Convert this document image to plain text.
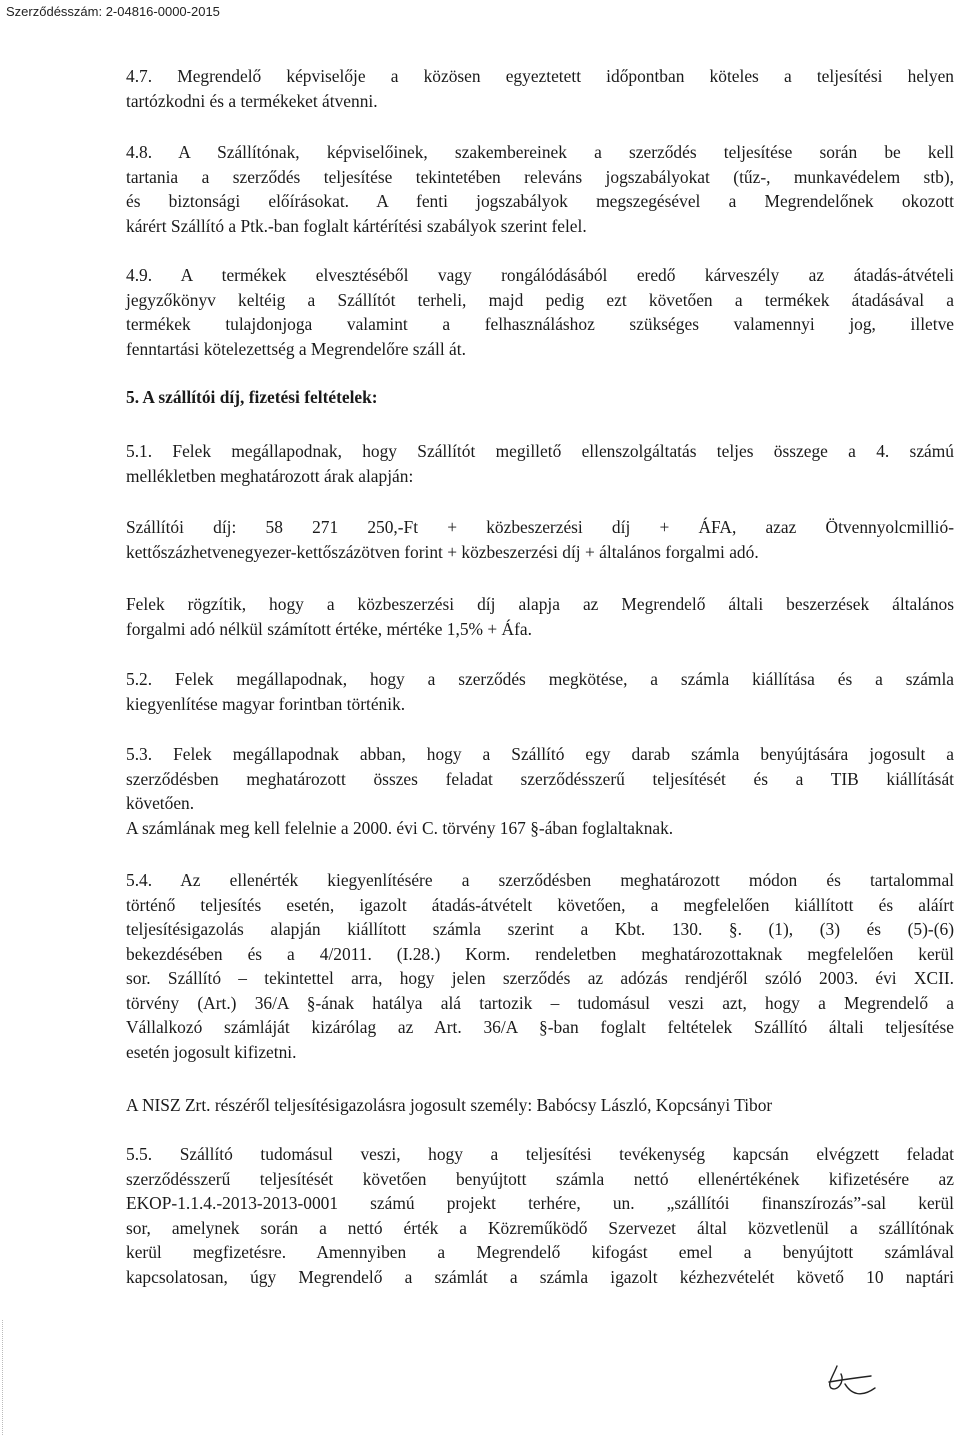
Szerződésszám: 2-04816-0000-2015
4.7. Megrendelő képviselője a közösen egyeztetett időpontban köteles a teljesítési helyen
tartózkodni és a termékeket átvenni.
4.8. A Szállítónak, képviselőinek, szakembereinek a szerződés teljesítése során be kell
tartania a szerződés teljesítése tekintetében releváns jogszabályokat (tűz-, munkavédelem stb),
és biztonsági előírásokat. A fenti jogszabályok megszegésével a Megrendelőnek okozott
kárért Szállító a Ptk.-ban foglalt kártérítési szabályok szerint felel.
4.9. A termékek elvesztéséből vagy rongálódásából eredő kárveszély az átadás-átvételi
jegyzőkönyv keltéig a Szállítót terheli, majd pedig ezt követően a termékek átadásával a
termékek tulajdonjoga valamint a felhasználáshoz szükséges valamennyi jog, illetve
fenntartási kötelezettség a Megrendelőre száll át.
5. A szállítói díj, fizetési feltételek:
5.1. Felek megállapodnak, hogy Szállítót megillető ellenszolgáltatás teljes összege a 4. számú
mellékletben meghatározott árak alapján:
Szállítói díj: 58 271 250,-Ft + közbeszerzési díj + ÁFA, azaz Ötvennyolcmillió-
kettőszázhetvenegyezer-kettőszázötven forint + közbeszerzési díj + általános forgalmi adó.
Felek rögzítik, hogy a közbeszerzési díj alapja az Megrendelő általi beszerzések általános
forgalmi adó nélkül számított értéke, mértéke 1,5% + Áfa.
5.2. Felek megállapodnak, hogy a szerződés megkötése, a számla kiállítása és a számla
kiegyenlítése magyar forintban történik.
5.3. Felek megállapodnak abban, hogy a Szállító egy darab számla benyújtására jogosult a
szerződésben meghatározott összes feladat szerződésszerű teljesítését és a TIB kiállítását
követően.
A számlának meg kell felelnie a 2000. évi C. törvény 167 §-ában foglaltaknak.
5.4. Az ellenérték kiegyenlítésére a szerződésben meghatározott módon és tartalommal
történő teljesítés esetén, igazolt átadás-átvételt követően, a megfelelően kiállított és aláírt
teljesítésigazolás alapján kiállított számla szerint a Kbt. 130. §. (1), (3) és (5)-(6)
bekezdésében és a 4/2011. (I.28.) Korm. rendeletben meghatározottaknak megfelelően kerül
sor. Szállító – tekintettel arra, hogy jelen szerződés az adózás rendjéről szóló 2003. évi XCII.
törvény (Art.) 36/A §-ának hatálya alá tartozik – tudomásul veszi azt, hogy a Megrendelő a
Vállalkozó számláját kizárólag az Art. 36/A §-ban foglalt feltételek Szállító általi teljesítése
esetén jogosult kifizetni.
A NISZ Zrt. részéről teljesítésigazolásra jogosult személy: Babócsy László, Kopcsányi Tibor
5.5. Szállító tudomásul veszi, hogy a teljesítési tevékenység kapcsán elvégzett feladat
szerződésszerű teljesítését követően benyújtott számla nettó ellenértékének kifizetésére az
EKOP-1.1.4.-2013-2013-0001 számú projekt terhére, un. „szállítói finanszírozás”-sal kerül
sor, amelynek során a nettó érték a Közreműködő Szervezet által közvetlenül a szállítónak
kerül megfizetésre. Amennyiben a Megrendelő kifogást emel a benyújtott számlával
kapcsolatosan, úgy Megrendelő a számlát a számla igazolt kézhezvételét követő 10 naptári
